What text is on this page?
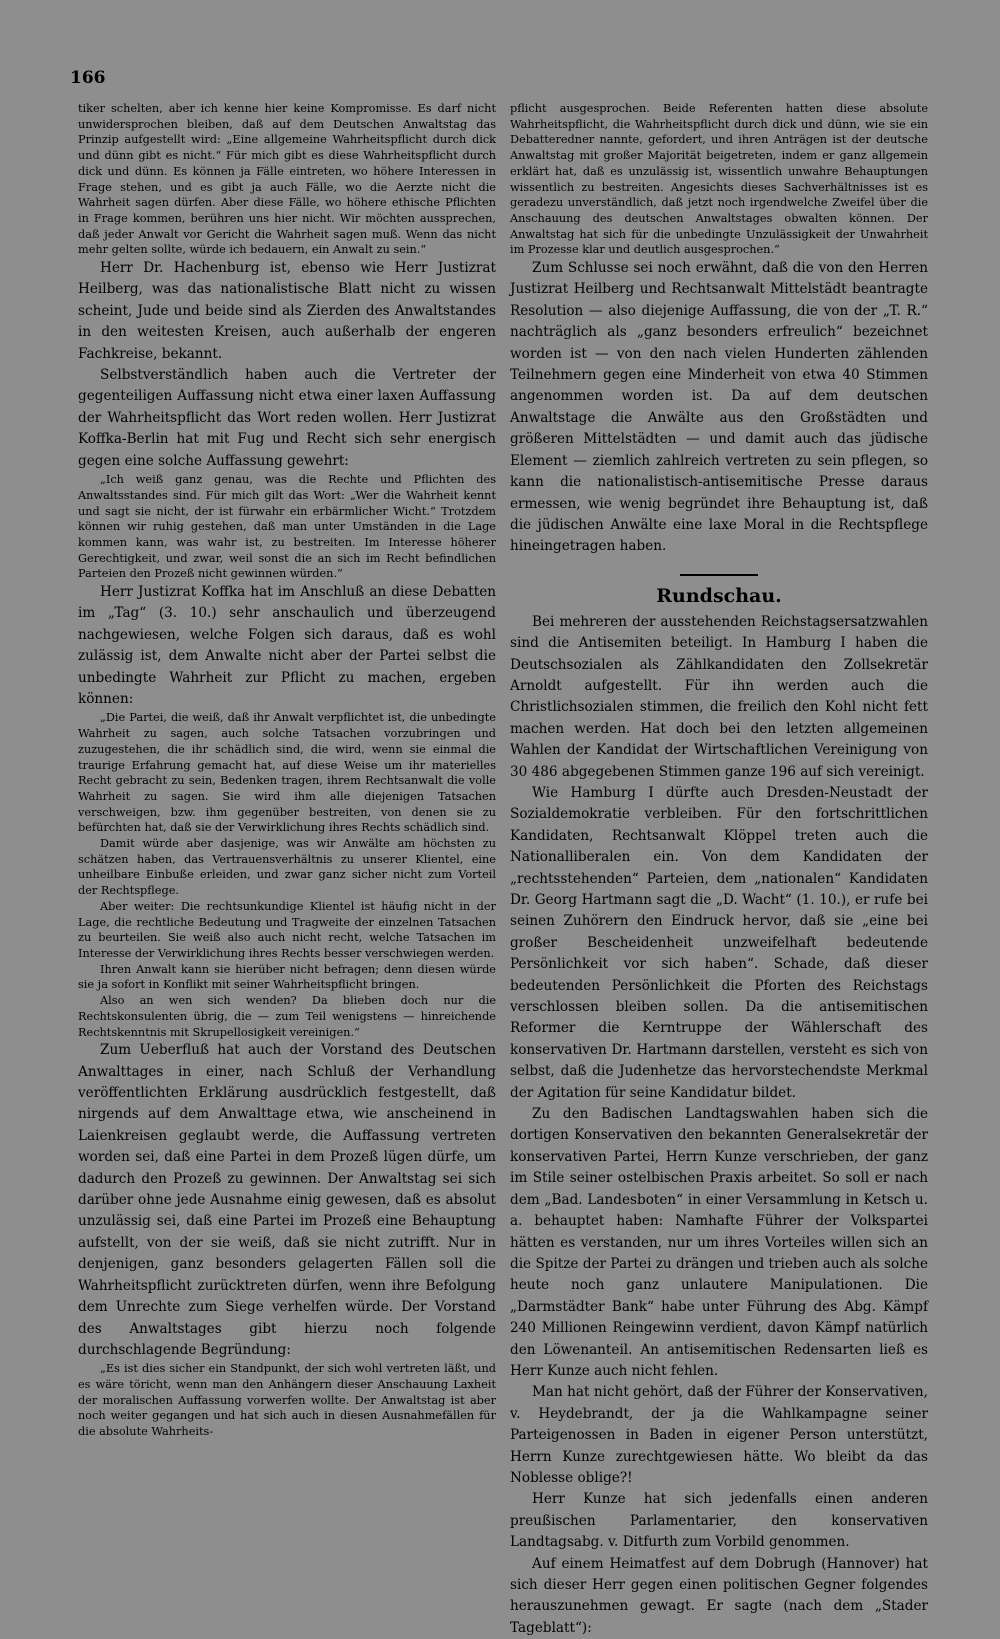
166

tiker schelten, aber ich kenne hier keine Kompromisse. Es darf nicht unwidersprochen bleiben, daß auf dem Deutschen Anwaltstag das Prinzip aufgestellt wird: „Eine allgemeine Wahrheitspflicht durch dick und dünn gibt es nicht.“ Für mich gibt es diese Wahrheitspflicht durch dick und dünn. Es können ja Fälle eintreten, wo höhere Interessen in Frage stehen, und es gibt ja auch Fälle, wo die Aerzte nicht die Wahrheit sagen dürfen. Aber diese Fälle, wo höhere ethische Pflichten in Frage kommen, berühren uns hier nicht. Wir möchten aussprechen, daß jeder Anwalt vor Gericht die Wahrheit sagen muß. Wenn das nicht mehr gelten sollte, würde ich bedauern, ein Anwalt zu sein.“

Herr Dr. Hachenburg ist, ebenso wie Herr Justizrat Heilberg, was das nationalistische Blatt nicht zu wissen scheint, Jude und beide sind als Zierden des Anwaltstandes in den weitesten Kreisen, auch außerhalb der engeren Fachkreise, bekannt.

Selbstverständlich haben auch die Vertreter der gegenteiligen Auffassung nicht etwa einer laxen Auffassung der Wahrheitspflicht das Wort reden wollen. Herr Justizrat Koffka-Berlin hat mit Fug und Recht sich sehr energisch gegen eine solche Auffassung gewehrt:

„Ich weiß ganz genau, was die Rechte und Pflichten des Anwaltsstandes sind. Für mich gilt das Wort: „Wer die Wahrheit kennt und sagt sie nicht, der ist fürwahr ein erbärmlicher Wicht.“ Trotzdem können wir ruhig gestehen, daß man unter Umständen in die Lage kommen kann, was wahr ist, zu bestreiten. Im Interesse höherer Gerechtigkeit, und zwar, weil sonst die an sich im Recht befindlichen Parteien den Prozeß nicht gewinnen würden.“

Herr Justizrat Koffka hat im Anschluß an diese Debatten im „Tag“ (3. 10.) sehr anschaulich und überzeugend nachgewiesen, welche Folgen sich daraus, daß es wohl zulässig ist, dem Anwalte nicht aber der Partei selbst die unbedingte Wahrheit zur Pflicht zu machen, ergeben können:

„Die Partei, die weiß, daß ihr Anwalt verpflichtet ist, die unbedingte Wahrheit zu sagen, auch solche Tatsachen vorzubringen und zuzugestehen, die ihr schädlich sind, die wird, wenn sie einmal die traurige Erfahrung gemacht hat, auf diese Weise um ihr materielles Recht gebracht zu sein, Bedenken tragen, ihrem Rechtsanwalt die volle Wahrheit zu sagen. Sie wird ihm alle diejenigen Tatsachen verschweigen, bzw. ihm gegenüber bestreiten, von denen sie zu befürchten hat, daß sie der Verwirklichung ihres Rechts schädlich sind.

Damit würde aber dasjenige, was wir Anwälte am höchsten zu schätzen haben, das Vertrauensverhältnis zu unserer Klientel, eine unheilbare Einbuße erleiden, und zwar ganz sicher nicht zum Vorteil der Rechtspflege.

Aber weiter: Die rechtsunkundige Klientel ist häufig nicht in der Lage, die rechtliche Bedeutung und Tragweite der einzelnen Tatsachen zu beurteilen. Sie weiß also auch nicht recht, welche Tatsachen im Interesse der Verwirklichung ihres Rechts besser verschwiegen werden.

Ihren Anwalt kann sie hierüber nicht befragen; denn diesen würde sie ja sofort in Konflikt mit seiner Wahrheitspflicht bringen.

Also an wen sich wenden? Da blieben doch nur die Rechtskonsulenten übrig, die — zum Teil wenigstens — hinreichende Rechtskenntnis mit Skrupellosigkeit vereinigen.“

Zum Ueberfluß hat auch der Vorstand des Deutschen Anwalttages in einer, nach Schluß der Verhandlung veröffentlichten Erklärung ausdrücklich festgestellt, daß nirgends auf dem Anwalttage etwa, wie anscheinend in Laienkreisen geglaubt werde, die Auffassung vertreten worden sei, daß eine Partei in dem Prozeß lügen dürfe, um dadurch den Prozeß zu gewinnen. Der Anwaltstag sei sich darüber ohne jede Ausnahme einig gewesen, daß es absolut unzulässig sei, daß eine Partei im Prozeß eine Behauptung aufstellt, von der sie weiß, daß sie nicht zutrifft. Nur in denjenigen, ganz besonders gelagerten Fällen soll die Wahrheitspflicht zurücktreten dürfen, wenn ihre Befolgung dem Unrechte zum Siege verhelfen würde. Der Vorstand des Anwaltstages gibt hierzu noch folgende durchschlagende Begründung:

„Es ist dies sicher ein Standpunkt, der sich wohl vertreten läßt, und es wäre töricht, wenn man den Anhängern dieser Anschauung Laxheit der moralischen Auffassung vorwerfen wollte. Der Anwaltstag ist aber noch weiter gegangen und hat sich auch in diesen Ausnahmefällen für die absolute Wahrheits-

pflicht ausgesprochen. Beide Referenten hatten diese absolute Wahrheitspflicht, die Wahrheitspflicht durch dick und dünn, wie sie ein Debatteredner nannte, gefordert, und ihren Anträgen ist der deutsche Anwaltstag mit großer Majorität beigetreten, indem er ganz allgemein erklärt hat, daß es unzulässig ist, wissentlich unwahre Behauptungen wissentlich zu bestreiten. Angesichts dieses Sachverhältnisses ist es geradezu unverständlich, daß jetzt noch irgendwelche Zweifel über die Anschauung des deutschen Anwaltstages obwalten können. Der Anwaltstag hat sich für die unbedingte Unzulässigkeit der Unwahrheit im Prozesse klar und deutlich ausgesprochen.“

Zum Schlusse sei noch erwähnt, daß die von den Herren Justizrat Heilberg und Rechtsanwalt Mittelstädt beantragte Resolution — also diejenige Auffassung, die von der „T. R.“ nachträglich als „ganz besonders erfreulich“ bezeichnet worden ist — von den nach vielen Hunderten zählenden Teilnehmern gegen eine Minderheit von etwa 40 Stimmen angenommen worden ist. Da auf dem deutschen Anwaltstage die Anwälte aus den Großstädten und größeren Mittelstädten — und damit auch das jüdische Element — ziemlich zahlreich vertreten zu sein pflegen, so kann die nationalistisch-antisemitische Presse daraus ermessen, wie wenig begründet ihre Behauptung ist, daß die jüdischen Anwälte eine laxe Moral in die Rechtspflege hineingetragen haben.

Rundschau.

Bei mehreren der ausstehenden Reichstagsersatzwahlen sind die Antisemiten beteiligt. In Hamburg I haben die Deutschsozialen als Zählkandidaten den Zollsekretär Arnoldt aufgestellt. Für ihn werden auch die Christlichsozialen stimmen, die freilich den Kohl nicht fett machen werden. Hat doch bei den letzten allgemeinen Wahlen der Kandidat der Wirtschaftlichen Vereinigung von 30 486 abgegebenen Stimmen ganze 196 auf sich vereinigt.

Wie Hamburg I dürfte auch Dresden-Neustadt der Sozialdemokratie verbleiben. Für den fortschrittlichen Kandidaten, Rechtsanwalt Klöppel treten auch die Nationalliberalen ein. Von dem Kandidaten der „rechtsstehenden“ Parteien, dem „nationalen“ Kandidaten Dr. Georg Hartmann sagt die „D. Wacht“ (1. 10.), er rufe bei seinen Zuhörern den Eindruck hervor, daß sie „eine bei großer Bescheidenheit unzweifelhaft bedeutende Persönlichkeit vor sich haben“. Schade, daß dieser bedeutenden Persönlichkeit die Pforten des Reichstags verschlossen bleiben sollen. Da die antisemitischen Reformer die Kerntruppe der Wählerschaft des konservativen Dr. Hartmann darstellen, versteht es sich von selbst, daß die Judenhetze das hervorstechendste Merkmal der Agitation für seine Kandidatur bildet.

Zu den Badischen Landtagswahlen haben sich die dortigen Konservativen den bekannten Generalsekretär der konservativen Partei, Herrn Kunze verschrieben, der ganz im Stile seiner ostelbischen Praxis arbeitet. So soll er nach dem „Bad. Landesboten“ in einer Versammlung in Ketsch u. a. behauptet haben: Namhafte Führer der Volkspartei hätten es verstanden, nur um ihres Vorteiles willen sich an die Spitze der Partei zu drängen und trieben auch als solche heute noch ganz unlautere Manipulationen. Die „Darmstädter Bank“ habe unter Führung des Abg. Kämpf 240 Millionen Reingewinn verdient, davon Kämpf natürlich den Löwenanteil. An antisemitischen Redensarten ließ es Herr Kunze auch nicht fehlen.

Man hat nicht gehört, daß der Führer der Konservativen, v. Heydebrandt, der ja die Wahlkampagne seiner Parteigenossen in Baden in eigener Person unterstützt, Herrn Kunze zurechtgewiesen hätte. Wo bleibt da das Noblesse oblige?!

Herr Kunze hat sich jedenfalls einen anderen preußischen Parlamentarier, den konservativen Landtagsabg. v. Ditfurth zum Vorbild genommen.

Auf einem Heimatfest auf dem Dobrugh (Hannover) hat sich dieser Herr gegen einen politischen Gegner folgendes herauszunehmen gewagt. Er sagte (nach dem „Stader Tageblatt“):
